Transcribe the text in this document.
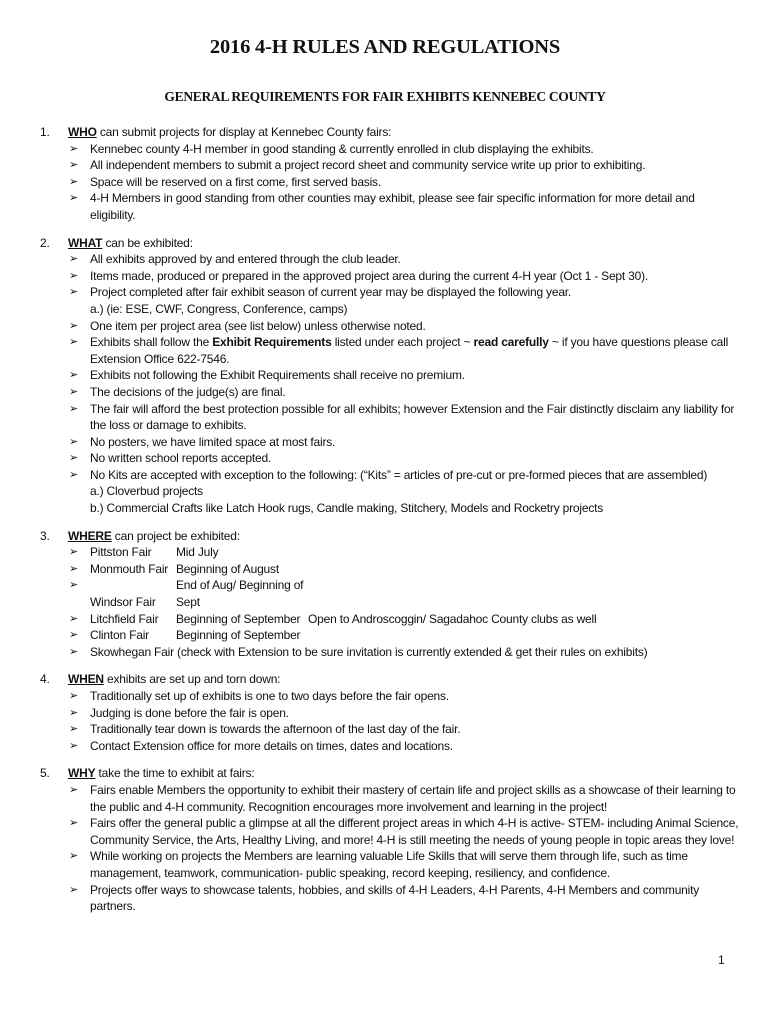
2016 4-H RULES AND REGULATIONS
GENERAL REQUIREMENTS FOR FAIR EXHIBITS KENNEBEC COUNTY
1. WHO can submit projects for display at Kennebec County fairs:
➢ Kennebec county 4-H member in good standing & currently enrolled in club displaying the exhibits.
➢ All independent members to submit a project record sheet and community service write up prior to exhibiting.
➢ Space will be reserved on a first come, first served basis.
➢ 4-H Members in good standing from other counties may exhibit, please see fair specific information for more detail and eligibility.
2. WHAT can be exhibited:
➢ All exhibits approved by and entered through the club leader.
➢ Items made, produced or prepared in the approved project area during the current 4-H year (Oct 1 - Sept 30).
➢ Project completed after fair exhibit season of current year may be displayed the following year.
a.) (ie: ESE, CWF, Congress, Conference, camps)
➢ One item per project area (see list below) unless otherwise noted.
➢ Exhibits shall follow the Exhibit Requirements listed under each project ~ read carefully ~ if you have questions please call Extension Office 622-7546.
➢ Exhibits not following the Exhibit Requirements shall receive no premium.
➢ The decisions of the judge(s) are final.
➢ The fair will afford the best protection possible for all exhibits; however Extension and the Fair distinctly disclaim any liability for the loss or damage to exhibits.
➢ No posters, we have limited space at most fairs.
➢ No written school reports accepted.
➢ No Kits are accepted with exception to the following: (“Kits” = articles of pre-cut or pre-formed pieces that are assembled)
a.) Cloverbud projects
b.) Commercial Crafts like Latch Hook rugs, Candle making, Stitchery, Models and Rocketry projects
3. WHERE can project be exhibited:
➢ Pittston Fair Mid July
➢ Monmouth Fair Beginning of August
➢
Windsor FairEnd of Aug/ Beginning of Sept
➢ Litchfield Fair Beginning of September Open to Androscoggin/ Sagadahoc County clubs as well
➢ Clinton Fair Beginning of September
➢ Skowhegan Fair (check with Extension to be sure invitation is currently extended & get their rules on exhibits)
4. WHEN exhibits are set up and torn down:
➢ Traditionally set up of exhibits is one to two days before the fair opens.
➢ Judging is done before the fair is open.
➢ Traditionally tear down is towards the afternoon of the last day of the fair.
➢ Contact Extension office for more details on times, dates and locations.
5. WHY take the time to exhibit at fairs:
➢ Fairs enable Members the opportunity to exhibit their mastery of certain life and project skills as a showcase of their learning to the public and 4-H community. Recognition encourages more involvement and learning in the project!
➢ Fairs offer the general public a glimpse at all the different project areas in which 4-H is active- STEM- including Animal Science, Community Service, the Arts, Healthy Living, and more! 4-H is still meeting the needs of young people in topic areas they love!
➢ While working on projects the Members are learning valuable Life Skills that will serve them through life, such as time management, teamwork, communication- public speaking, record keeping, resiliency, and confidence.
➢ Projects offer ways to showcase talents, hobbies, and skills of 4-H Leaders, 4-H Parents, 4-H Members and community partners.
1
